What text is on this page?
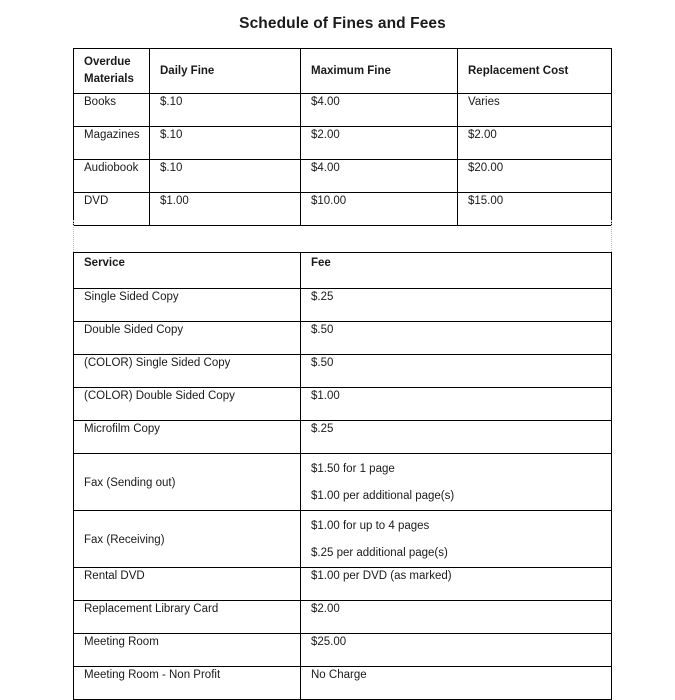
Schedule of Fines and Fees
Overdue Materials	Daily Fine	Maximum Fine	Replacement Cost
Books	$.10	$4.00	Varies
Magazines	$.10	$2.00	$2.00
Audiobook	$.10	$4.00	$20.00
DVD	$1.00	$10.00	$15.00
Service	Fee
Single Sided Copy	$.25
Double Sided Copy	$.50
(COLOR) Single Sided Copy	$.50
(COLOR) Double Sided Copy	$1.00
Microfilm Copy	$.25
Fax (Sending out)	$1.50 for 1 page
$1.00 per additional page(s)

Fax (Receiving)	$1.00 for up to 4 pages
$.25 per additional page(s)

Rental DVD	$1.00 per DVD (as marked)
Replacement Library Card	$2.00
Meeting Room	$25.00
Meeting Room - Non Profit	No Charge
